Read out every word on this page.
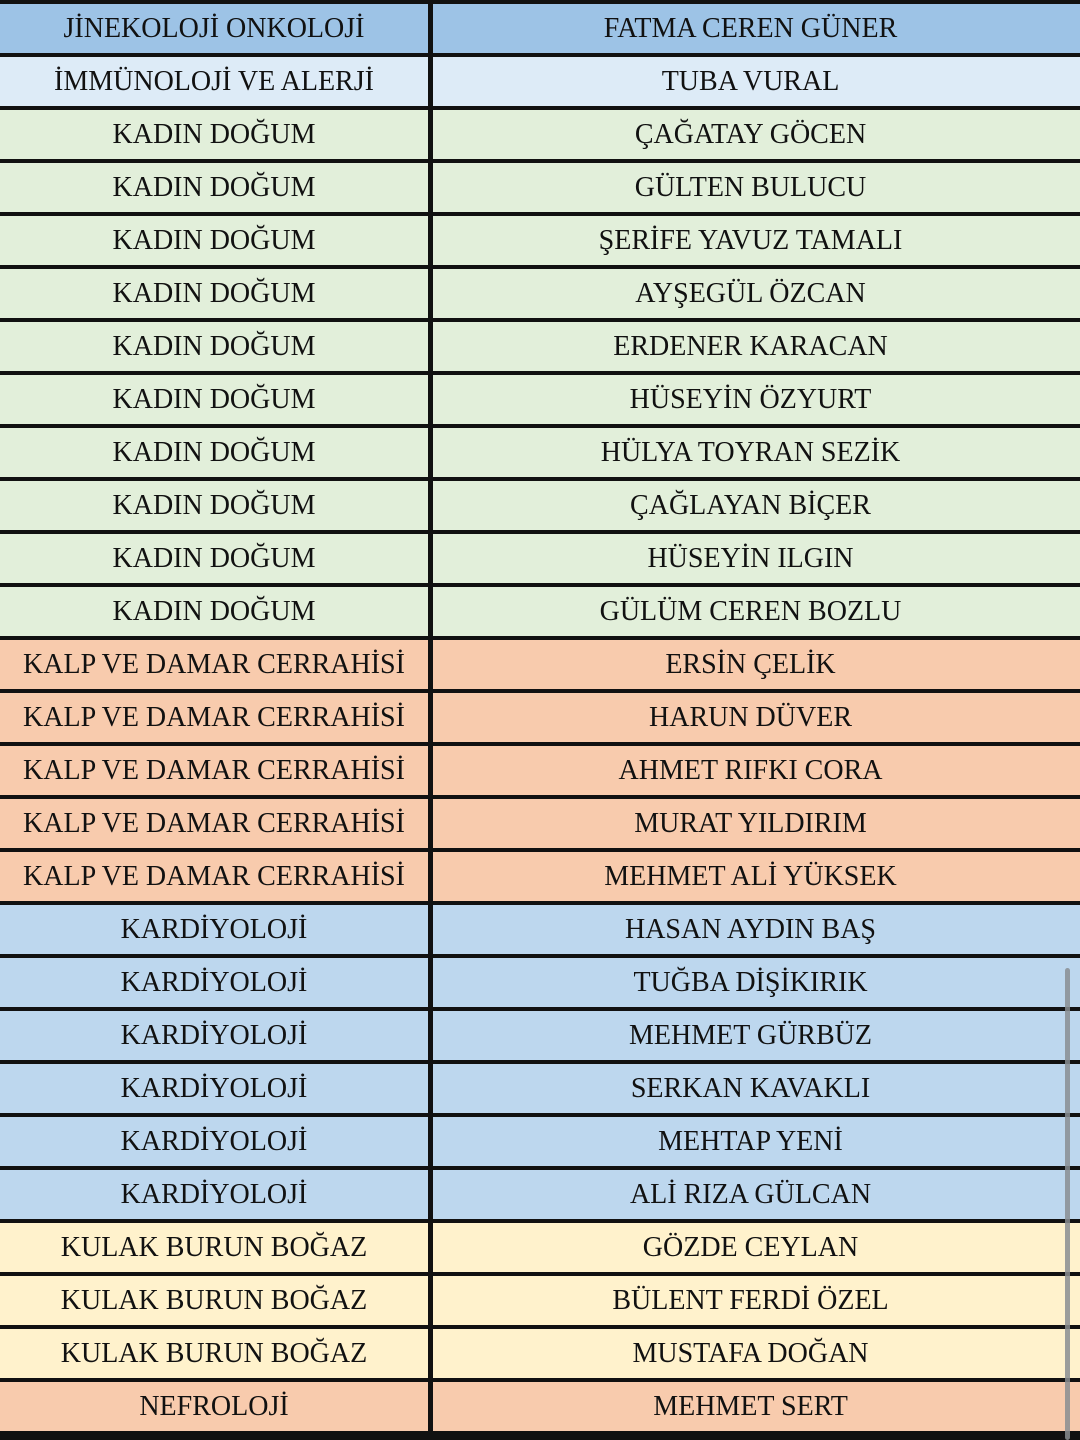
JİNEKOLOJİ ONKOLOJİ	FATMA CEREN GÜNER
İMMÜNOLOJİ VE ALERJİ	TUBA VURAL
KADIN DOĞUM	ÇAĞATAY GÖCEN
KADIN DOĞUM	GÜLTEN BULUCU
KADIN DOĞUM	ŞERİFE YAVUZ TAMALI
KADIN DOĞUM	AYŞEGÜL ÖZCAN
KADIN DOĞUM	ERDENER KARACAN
KADIN DOĞUM	HÜSEYİN ÖZYURT
KADIN DOĞUM	HÜLYA TOYRAN SEZİK
KADIN DOĞUM	ÇAĞLAYAN BİÇER
KADIN DOĞUM	HÜSEYİN ILGIN
KADIN DOĞUM	GÜLÜM CEREN BOZLU
KALP VE DAMAR CERRAHİSİ	ERSİN ÇELİK
KALP VE DAMAR CERRAHİSİ	HARUN DÜVER
KALP VE DAMAR CERRAHİSİ	AHMET RIFKI CORA
KALP VE DAMAR CERRAHİSİ	MURAT YILDIRIM
KALP VE DAMAR CERRAHİSİ	MEHMET ALİ YÜKSEK
KARDİYOLOJİ	HASAN AYDIN BAŞ
KARDİYOLOJİ	TUĞBA DİŞİKIRIK
KARDİYOLOJİ	MEHMET GÜRBÜZ
KARDİYOLOJİ	SERKAN KAVAKLI
KARDİYOLOJİ	MEHTAP YENİ
KARDİYOLOJİ	ALİ RIZA GÜLCAN
KULAK BURUN BOĞAZ	GÖZDE CEYLAN
KULAK BURUN BOĞAZ	BÜLENT FERDİ ÖZEL
KULAK BURUN BOĞAZ	MUSTAFA DOĞAN
NEFROLOJİ	MEHMET SERT
